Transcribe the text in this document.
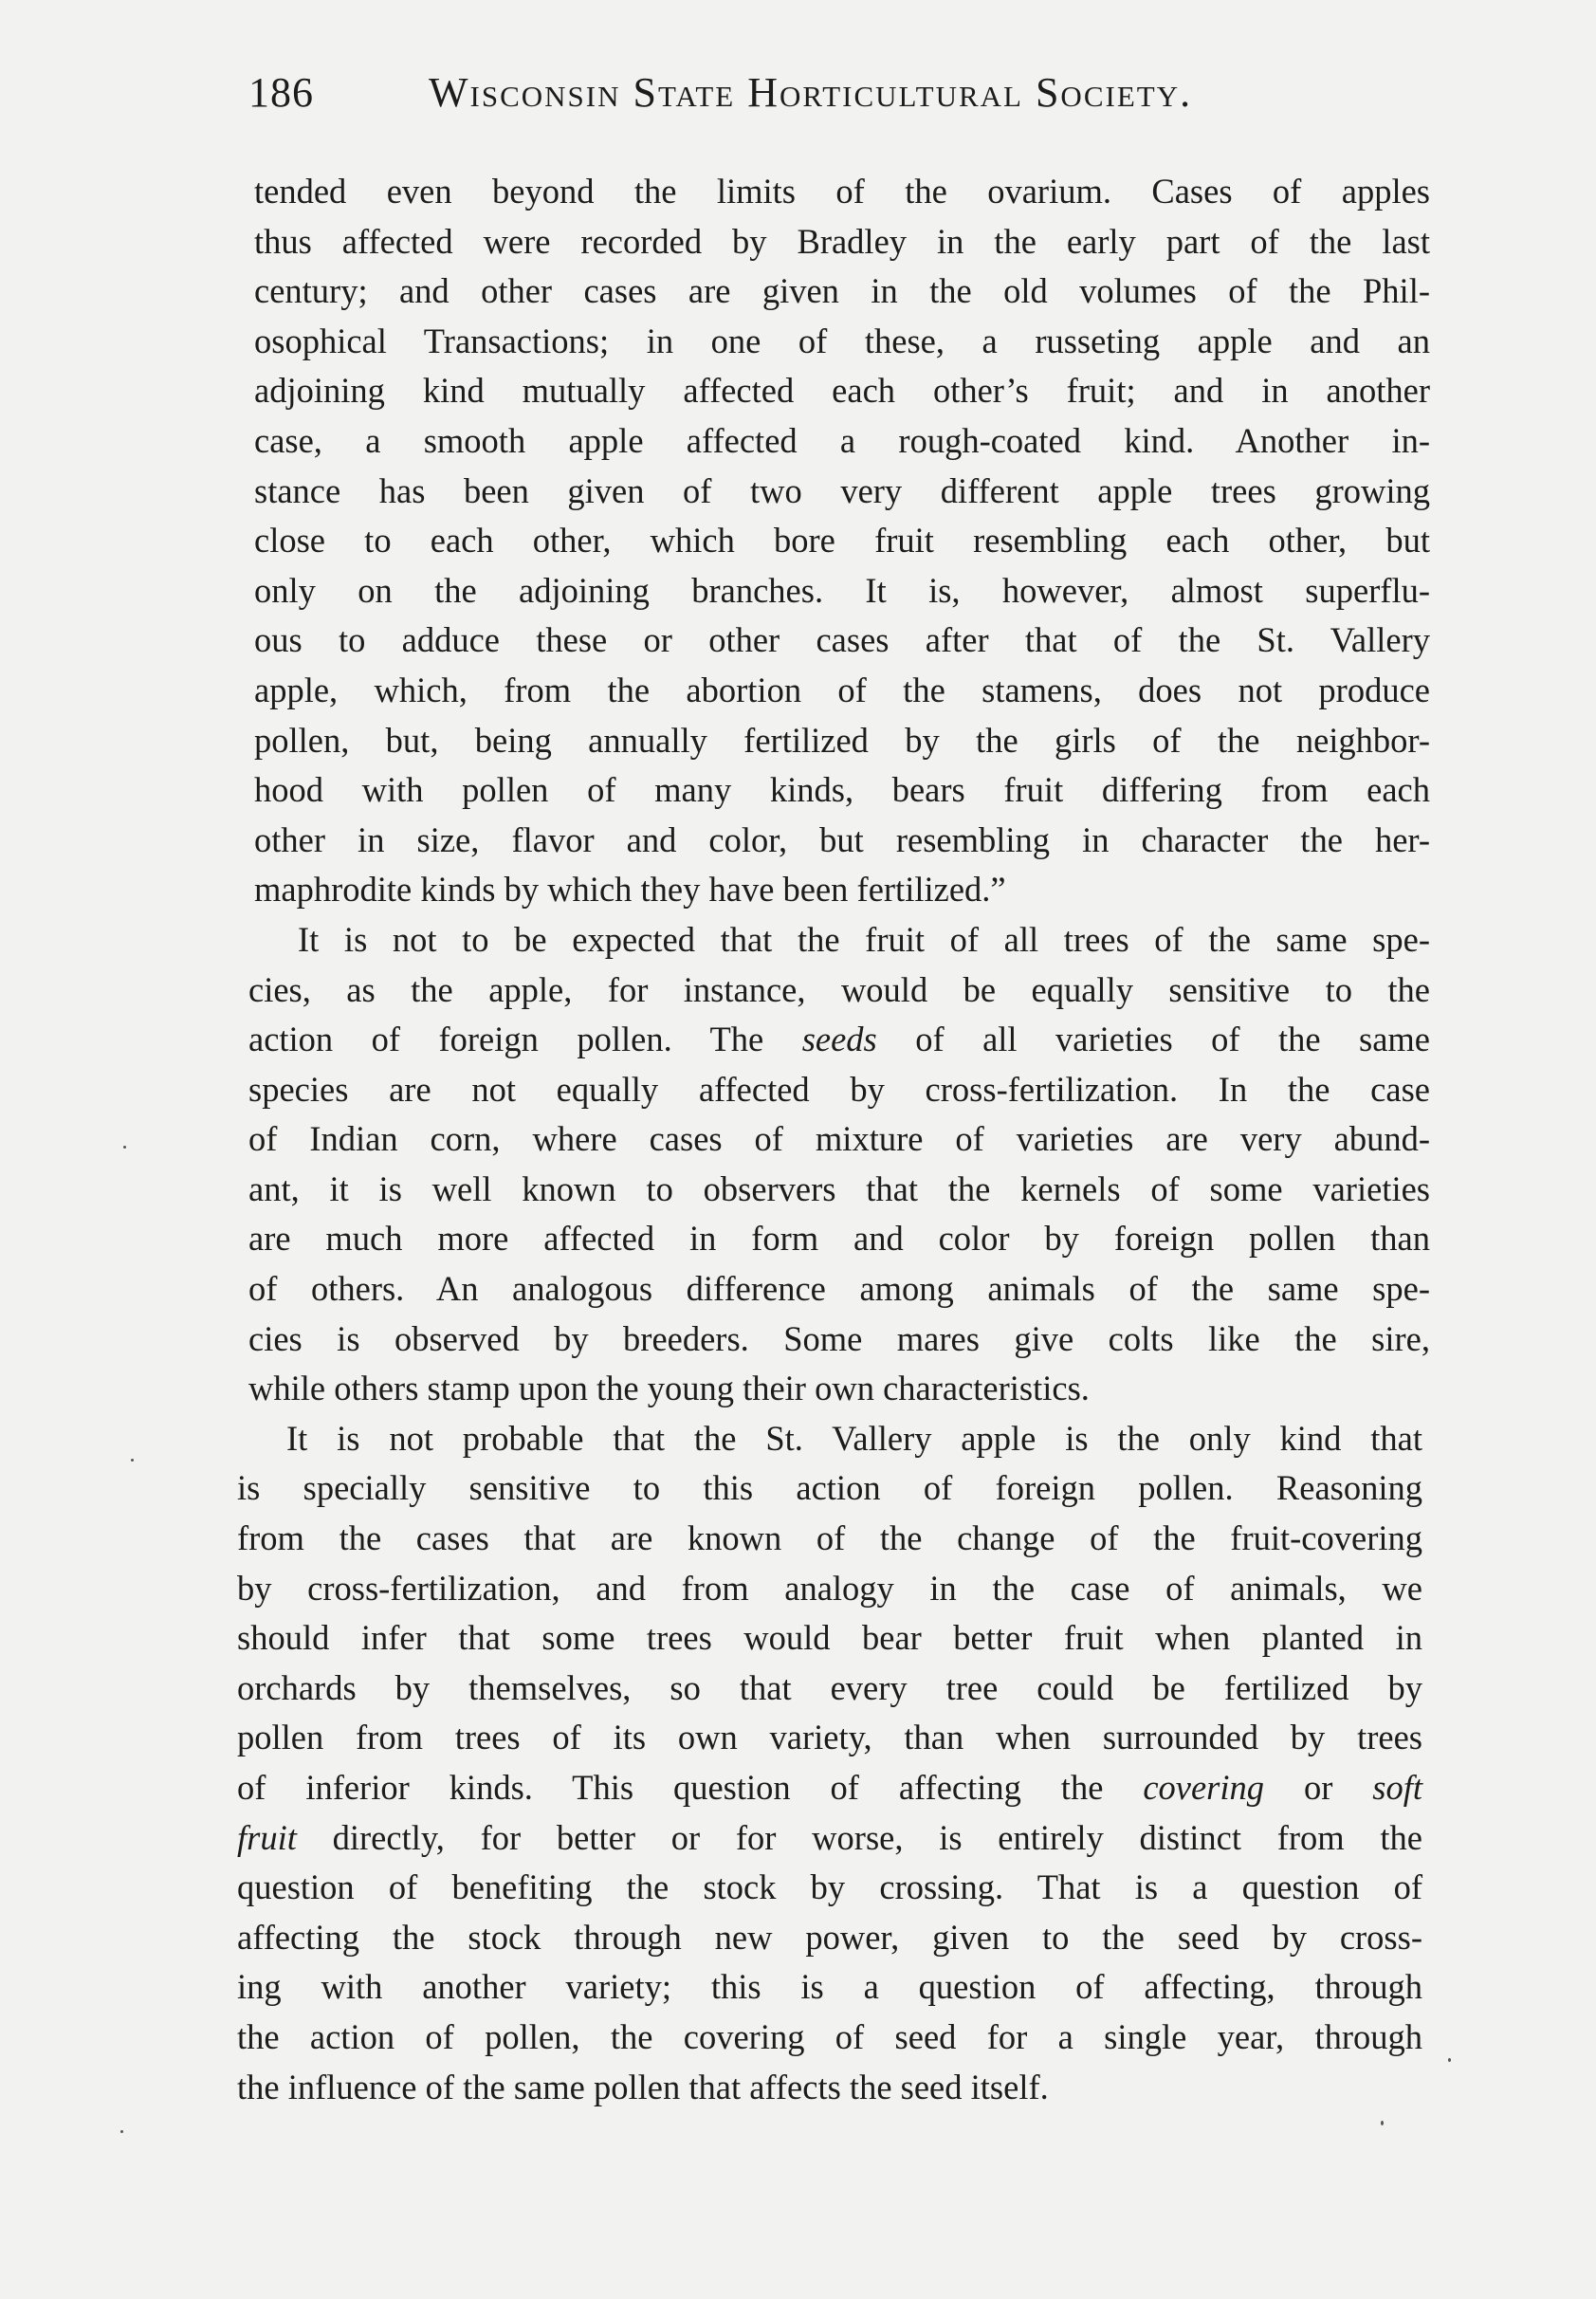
186	Wisconsin State Horticultural Society.
tended even beyond the limits of the ovarium. Cases of apples
thus affected were recorded by Bradley in the early part of the last
century; and other cases are given in the old volumes of the Phil-
osophical Transactions; in one of these, a russeting apple and an
adjoining kind mutually affected each other’s fruit; and in another
case, a smooth apple affected a rough-coated kind. Another in-
stance has been given of two very different apple trees growing
close to each other, which bore fruit resembling each other, but
only on the adjoining branches. It is, however, almost superflu-
ous to adduce these or other cases after that of the St. Vallery
apple, which, from the abortion of the stamens, does not produce
pollen, but, being annually fertilized by the girls of the neighbor-
hood with pollen of many kinds, bears fruit differing from each
other in size, flavor and color, but resembling in character the her-
maphrodite kinds by which they have been fertilized.”
It is not to be expected that the fruit of all trees of the same spe-
cies, as the apple, for instance, would be equally sensitive to the
action of foreign pollen. The seeds of all varieties of the same
species are not equally affected by cross-fertilization. In the case
of Indian corn, where cases of mixture of varieties are very abund-
ant, it is well known to observers that the kernels of some varieties
are much more affected in form and color by foreign pollen than
of others. An analogous difference among animals of the same spe-
cies is observed by breeders. Some mares give colts like the sire,
while others stamp upon the young their own characteristics.
It is not probable that the St. Vallery apple is the only kind that
is specially sensitive to this action of foreign pollen. Reasoning
from the cases that are known of the change of the fruit-covering
by cross-fertilization, and from analogy in the case of animals, we
should infer that some trees would bear better fruit when planted in
orchards by themselves, so that every tree could be fertilized by
pollen from trees of its own variety, than when surrounded by trees
of inferior kinds. This question of affecting the covering or soft
fruit directly, for better or for worse, is entirely distinct from the
question of benefiting the stock by crossing. That is a question of
affecting the stock through new power, given to the seed by cross-
ing with another variety; this is a question of affecting, through
the action of pollen, the covering of seed for a single year, through
the influence of the same pollen that affects the seed itself.
